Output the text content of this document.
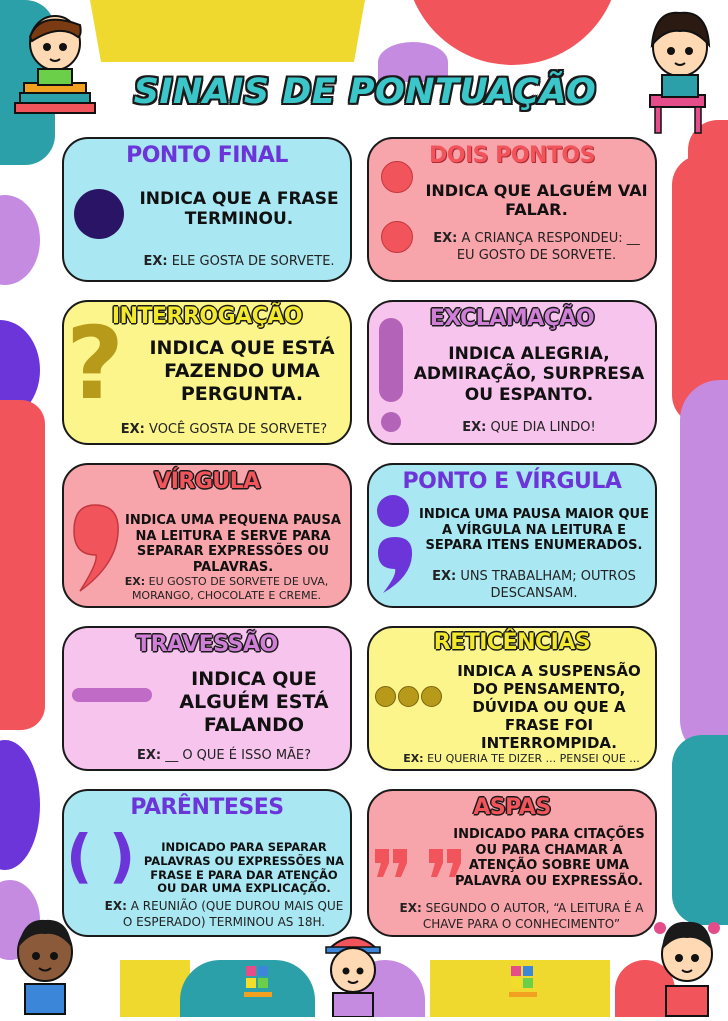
SINAIS DE PONTUAÇÃO
PONTO FINAL
INDICA QUE A FRASE TERMINOU.
EX: ELE GOSTA DE SORVETE.
DOIS PONTOS
INDICA QUE ALGUÉM VAI FALAR.
EX: A CRIANÇA RESPONDEU: __ EU GOSTO DE SORVETE.
INTERROGAÇÃO
?	INDICA QUE ESTÁ FAZENDO UMA PERGUNTA.
EX: VOCÊ GOSTA DE SORVETE?
EXCLAMAÇÃO
INDICA ALEGRIA, ADMIRAÇÃO, SURPRESA OU ESPANTO.
EX: QUE DIA LINDO!
VÍRGULA
INDICA UMA PEQUENA PAUSA NA LEITURA E SERVE PARA SEPARAR EXPRESSÕES OU PALAVRAS.
EX: EU GOSTO DE SORVETE DE UVA, MORANGO, CHOCOLATE E CREME.
PONTO E VÍRGULA
INDICA UMA PAUSA MAIOR QUE A VÍRGULA NA LEITURA E SEPARA ITENS ENUMERADOS.
EX: UNS TRABALHAM; OUTROS DESCANSAM.
TRAVESSÃO
INDICA QUE ALGUÉM ESTÁ FALANDO
EX: __ O QUE É ISSO MÃE?
RETICÊNCIAS
INDICA A SUSPENSÃO DO PENSAMENTO, DÚVIDA OU QUE A FRASE FOI INTERROMPIDA.
EX: EU QUERIA TE DIZER ... PENSEI QUE ...
PARÊNTESES
( )	INDICADO PARA SEPARAR PALAVRAS OU EXPRESSÕES NA FRASE E PARA DAR ATENÇÃO OU DAR UMA EXPLICAÇÃO.
EX: A REUNIÃO (QUE DUROU MAIS QUE O ESPERADO) TERMINOU AS 18H.
ASPAS
INDICADO PARA CITAÇÕES OU PARA CHAMAR A ATENÇÃO SOBRE UMA PALAVRA OU EXPRESSÃO.
EX: SEGUNDO O AUTOR, “A LEITURA É A CHAVE PARA O CONHECIMENTO”
